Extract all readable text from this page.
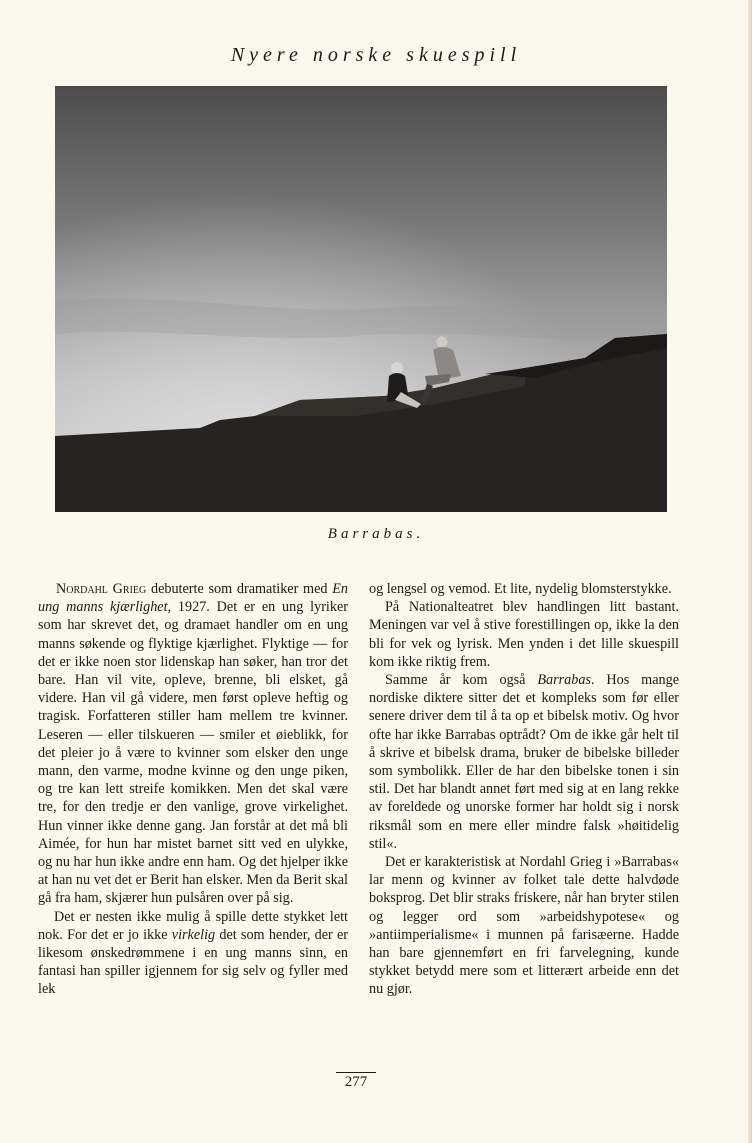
Nyere norske skuespill
Barrabas.

Nordahl Grieg debuterte som dramatiker med En ung manns kjærlighet, 1927. Det er en ung lyriker som har skrevet det, og dramaet handler om en ung manns søkende og flyktige kjærlighet. Flyktige — for det er ikke noen stor lidenskap han søker, han tror det bare. Han vil vite, opleve, brenne, bli elsket, gå videre. Han vil gå videre, men først opleve heftig og tragisk. Forfatteren stiller ham mellem tre kvinner. Leseren — eller tilskueren — smiler et øieblikk, for det pleier jo å være to kvinner som elsker den unge mann, den varme, modne kvinne og den unge piken, og tre kan lett streife komikken. Men det skal være tre, for den tredje er den vanlige, grove virkelighet. Hun vinner ikke denne gang. Jan forstår at det må bli Aimée, for hun har mistet barnet sitt ved en ulykke, og nu har hun ikke andre enn ham. Og det hjelper ikke at han nu vet det er Berit han elsker. Men da Berit skal gå fra ham, skjærer hun pulsåren over på sig.

Det er nesten ikke mulig å spille dette stykket lett nok. For det er jo ikke virkelig det som hender, der er likesom ønskedrømmene i en ung manns sinn, en fantasi han spiller igjennem for sig selv og fyller med lek

og lengsel og vemod. Et lite, nydelig blomsterstykke.

På Nationalteatret blev handlingen litt bastant. Meningen var vel å stive forestillingen op, ikke la den bli for vek og lyrisk. Men ynden i det lille skuespill kom ikke riktig frem.

Samme år kom også Barrabas. Hos mange nordiske diktere sitter det et kompleks som før eller senere driver dem til å ta op et bibelsk motiv. Og hvor ofte har ikke Barrabas optrådt? Om de ikke går helt til å skrive et bibelsk drama, bruker de bibelske billeder som symbolikk. Eller de har den bibelske tonen i sin stil. Det har blandt annet ført med sig at en lang rekke av foreldede og unorske former har holdt sig i norsk riksmål som en mere eller mindre falsk »høitidelig stil«.

Det er karakteristisk at Nordahl Grieg i »Barrabas« lar menn og kvinner av folket tale dette halvdøde boksprog. Det blir straks friskere, når han bryter stilen og legger ord som »arbeidshypotese« og »antiimperialisme« i munnen på farisæerne. Hadde han bare gjennemført en fri farvelegning, kunde stykket betydd mere som et litterært arbeide enn det nu gjør.

277
